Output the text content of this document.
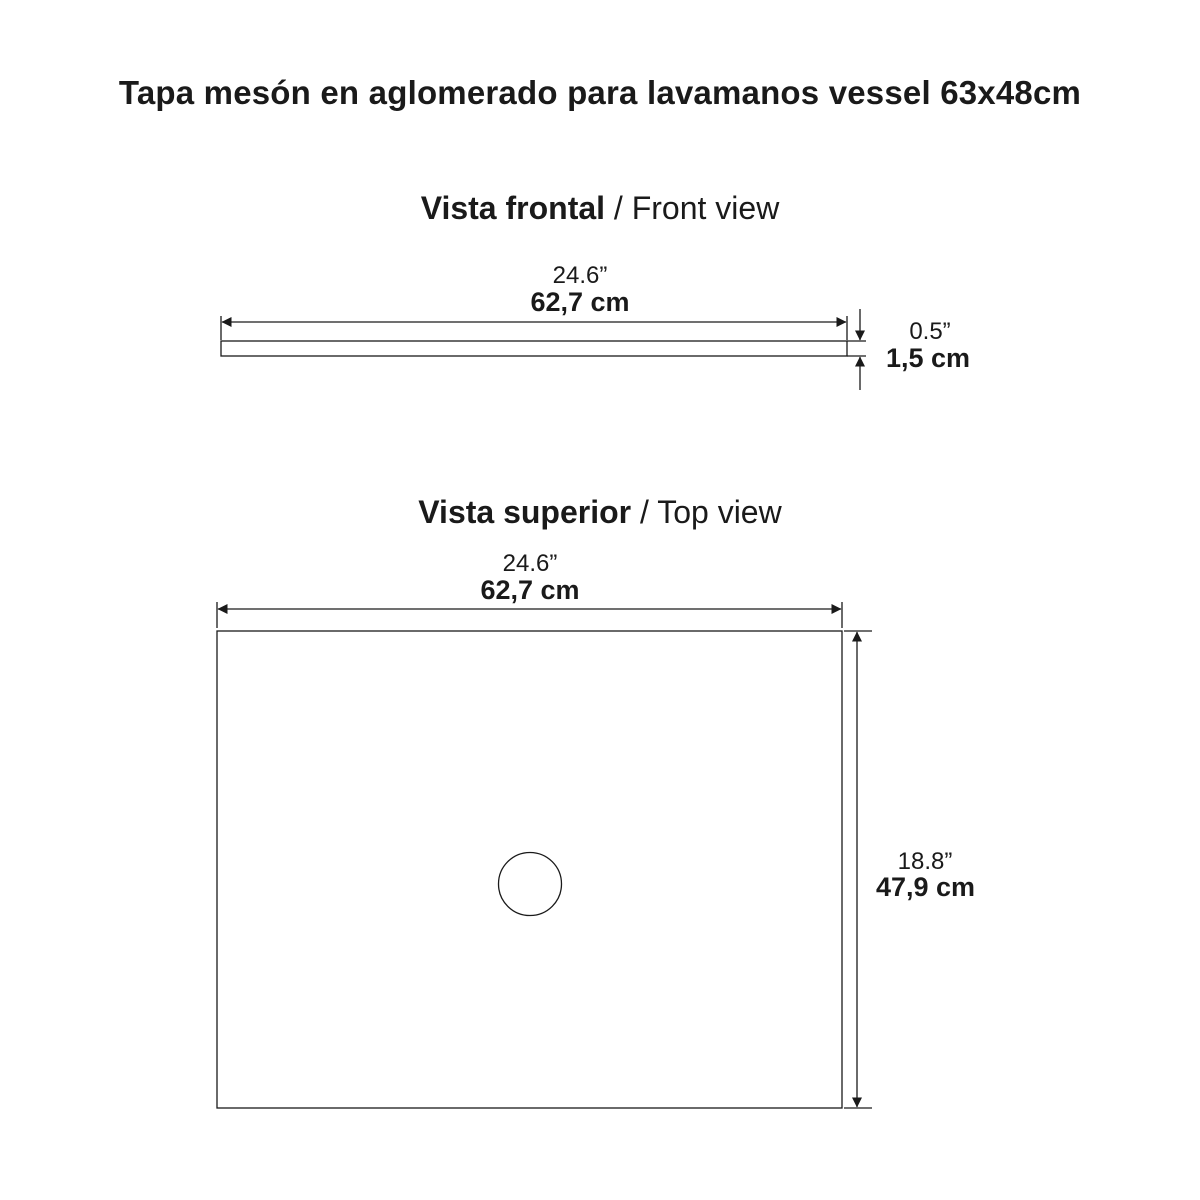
Tapa mesón en aglomerado para lavamanos vessel 63x48cm
Vista frontal / Front view
24.6”
62,7 cm
0.5”
1,5 cm
Vista superior / Top view
24.6”
62,7 cm
18.8”
47,9 cm
